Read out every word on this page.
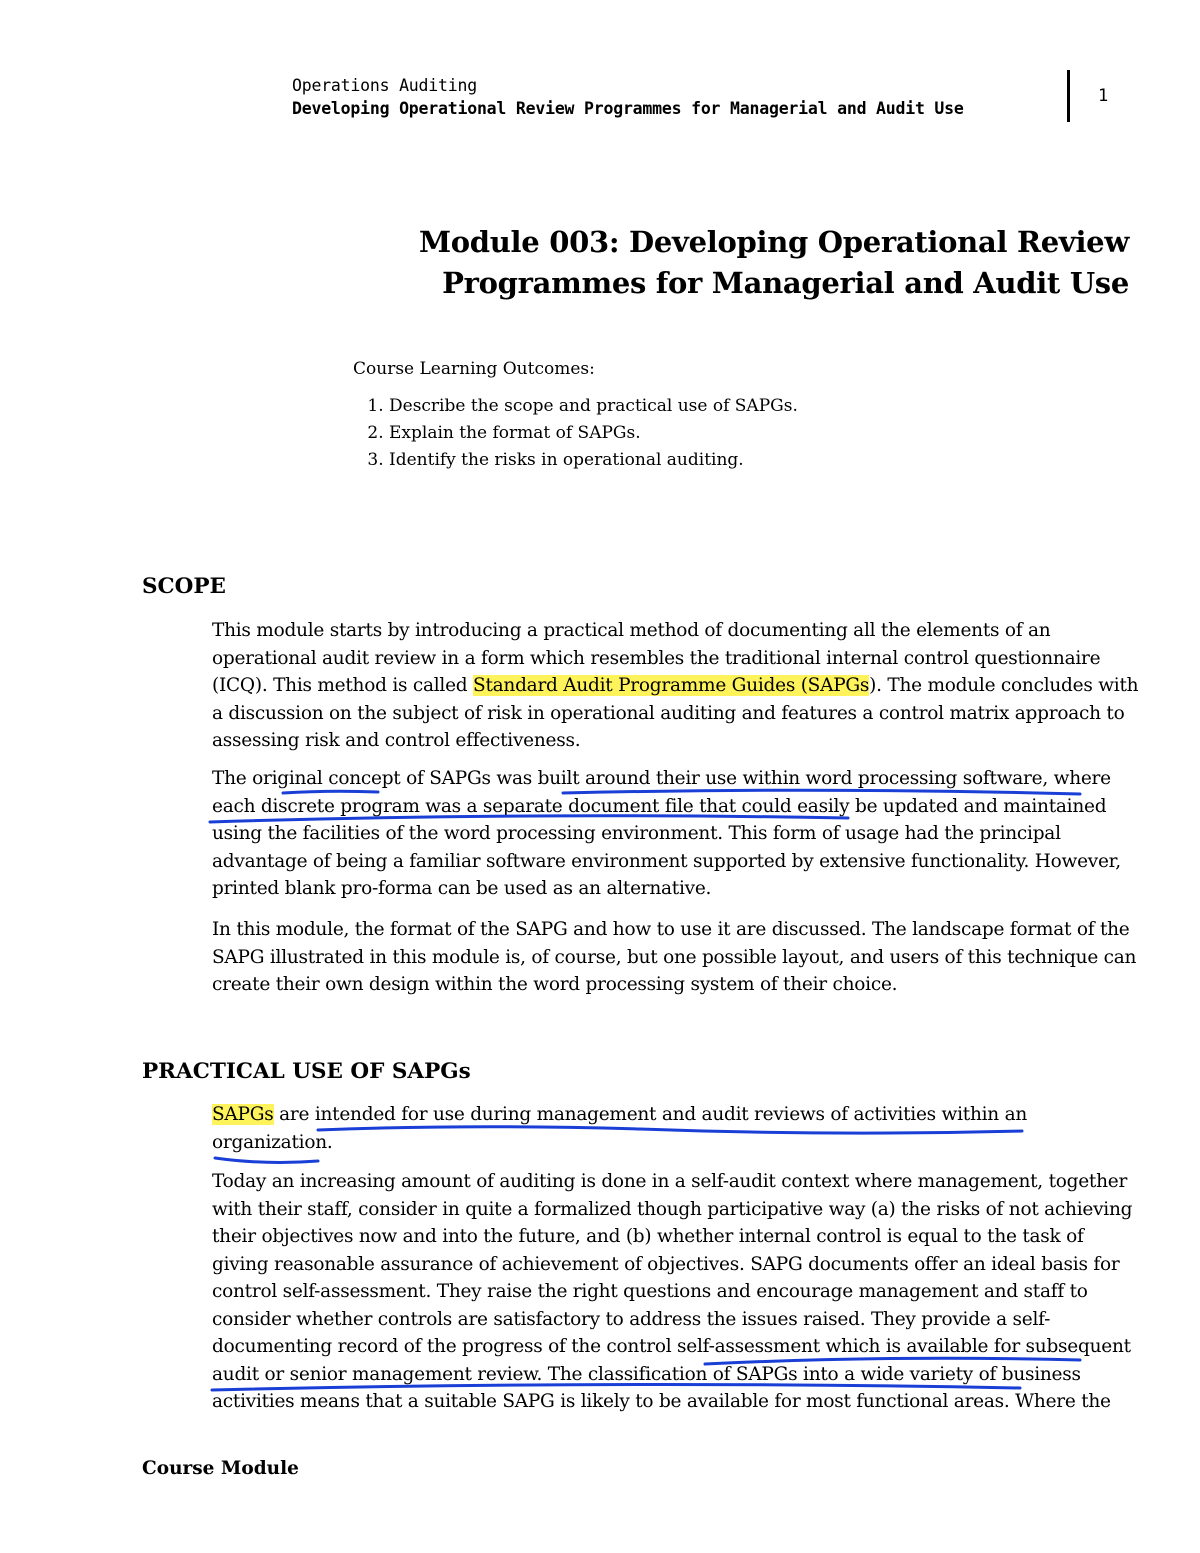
Operations Auditing
Developing Operational Review Programmes for Managerial and Audit Use
1
Module 003: Developing Operational Review
Programmes for Managerial and Audit Use
Course Learning Outcomes:
1. Describe the scope and practical use of SAPGs.
2. Explain the format of SAPGs.
3. Identify the risks in operational auditing.
SCOPE

This module starts by introducing a practical method of documenting all the elements of an operational audit review in a form which resembles the traditional internal control questionnaire (ICQ). This method is called Standard Audit Programme Guides (SAPGs). The module concludes with a discussion on the subject of risk in operational auditing and features a control matrix approach to assessing risk and control effectiveness.

The original concept of SAPGs was built around their use within word processing software, where each discrete program was a separate document file that could easily be updated and maintained using the facilities of the word processing environment. This form of usage had the principal advantage of being a familiar software environment supported by extensive functionality. However, printed blank pro-forma can be used as an alternative.

In this module, the format of the SAPG and how to use it are discussed. The landscape format of the SAPG illustrated in this module is, of course, but one possible layout, and users of this technique can create their own design within the word processing system of their choice.

PRACTICAL USE OF SAPGs

SAPGs are intended for use during management and audit reviews of activities within an organization.

Today an increasing amount of auditing is done in a self-audit context where management, together with their staff, consider in quite a formalized though participative way (a) the risks of not achieving their objectives now and into the future, and (b) whether internal control is equal to the task of giving reasonable assurance of achievement of objectives. SAPG documents offer an ideal basis for control self-assessment. They raise the right questions and encourage management and staff to consider whether controls are satisfactory to address the issues raised. They provide a self-documenting record of the progress of the control self-assessment which is available for subsequent audit or senior management review. The classification of SAPGs into a wide variety of business activities means that a suitable SAPG is likely to be available for most functional areas. Where the

Course Module
